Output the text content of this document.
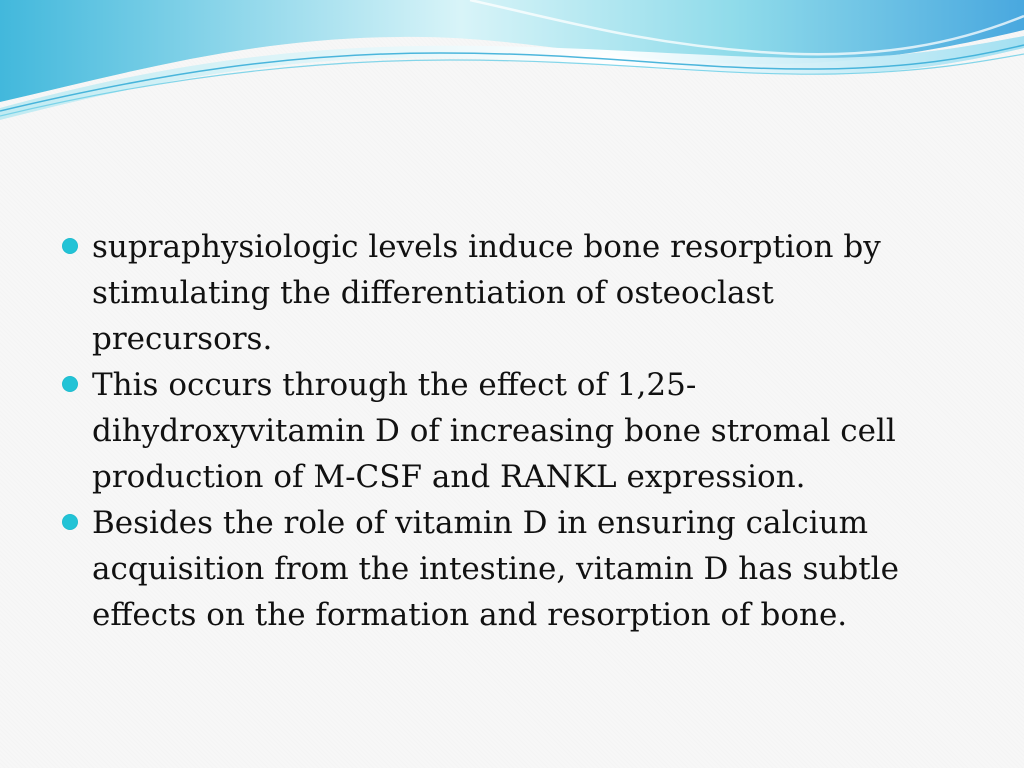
supraphysiologic levels induce bone resorption by stimulating the differentiation of osteoclast precursors.
This occurs through the effect of 1,25-dihydroxyvitamin D of increasing bone stromal cell production of M-CSF and RANKL expression.
Besides the role of vitamin D in ensuring calcium acquisition from the intestine, vitamin D has subtle effects on the formation and resorption of bone.
